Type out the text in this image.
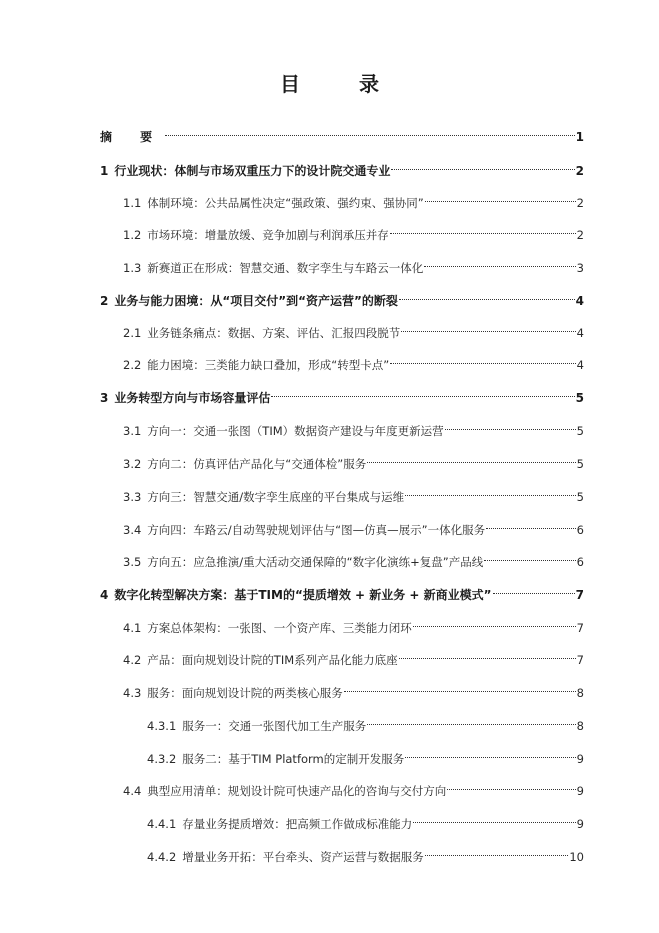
目 录
摘 要	1
1 行业现状：体制与市场双重压力下的设计院交通专业	2
1.1 体制环境：公共品属性决定“强政策、强约束、强协同”	2
1.2 市场环境：增量放缓、竞争加剧与利润承压并存	2
1.3 新赛道正在形成：智慧交通、数字孪生与车路云一体化	3
2 业务与能力困境：从“项目交付”到“资产运营”的断裂	4
2.1 业务链条痛点：数据、方案、评估、汇报四段脱节	4
2.2 能力困境：三类能力缺口叠加，形成“转型卡点”	4
3 业务转型方向与市场容量评估	5
3.1 方向一：交通一张图（TIM）数据资产建设与年度更新运营	5
3.2 方向二：仿真评估产品化与“交通体检”服务	5
3.3 方向三：智慧交通/数字孪生底座的平台集成与运维	5
3.4 方向四：车路云/自动驾驶规划评估与“图—仿真—展示”一体化服务	6
3.5 方向五：应急推演/重大活动交通保障的“数字化演练+复盘”产品线	6
4 数字化转型解决方案：基于TIM的“提质增效 + 新业务 + 新商业模式”	7
4.1 方案总体架构：一张图、一个资产库、三类能力闭环	7
4.2 产品：面向规划设计院的TIM系列产品化能力底座	7
4.3 服务：面向规划设计院的两类核心服务	8
4.3.1 服务一：交通一张图代加工生产服务	8
4.3.2 服务二：基于TIM Platform的定制开发服务	9
4.4 典型应用清单：规划设计院可快速产品化的咨询与交付方向	9
4.4.1 存量业务提质增效：把高频工作做成标准能力	9
4.4.2 增量业务开拓：平台牵头、资产运营与数据服务	10
